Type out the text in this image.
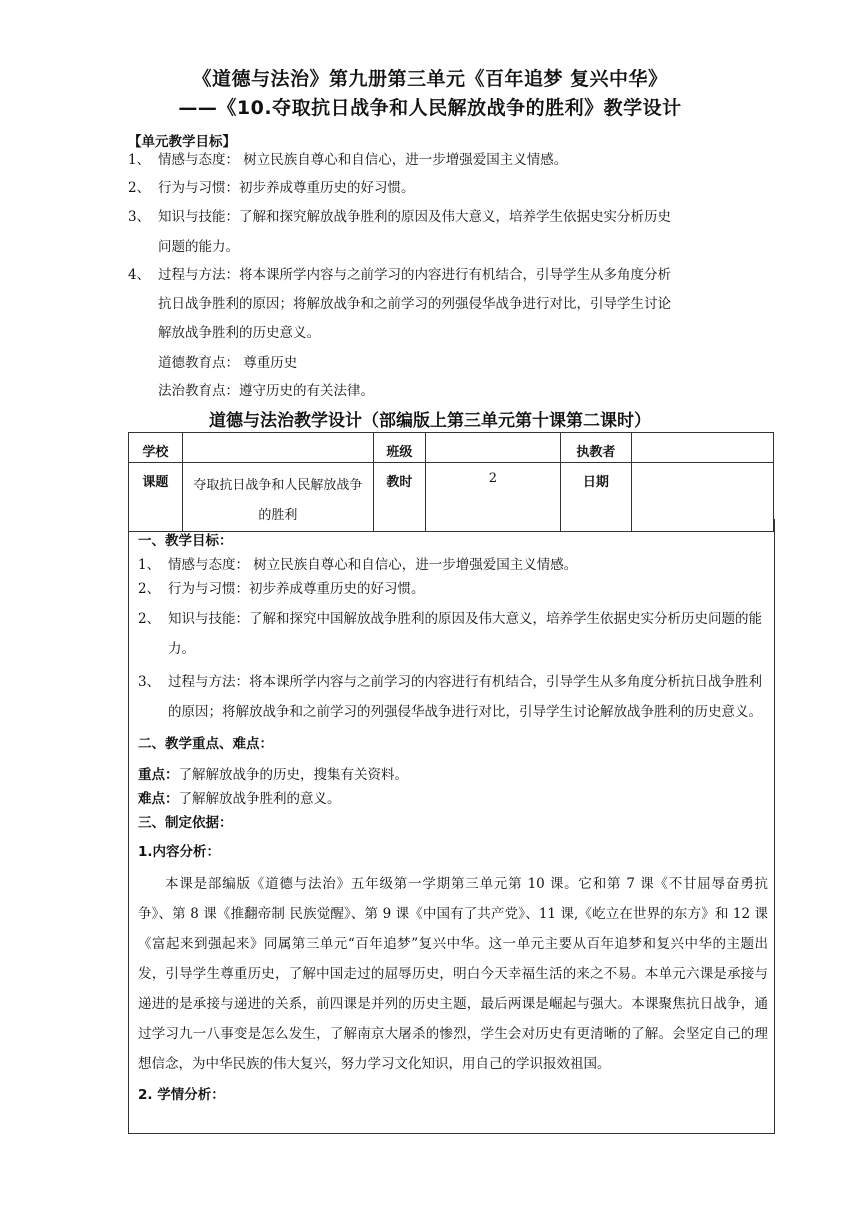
《道德与法治》第九册第三单元《百年追梦 复兴中华》
——《10.夺取抗日战争和人民解放战争的胜利》教学设计
【单元教学目标】
1、 情感与态度： 树立民族自尊心和自信心，进一步增强爱国主义情感。
2、 行为与习惯：初步养成尊重历史的好习惯。
3、 知识与技能：了解和探究解放战争胜利的原因及伟大意义，培养学生依据史实分析历史
问题的能力。
4、 过程与方法：将本课所学内容与之前学习的内容进行有机结合，引导学生从多角度分析
抗日战争胜利的原因；将解放战争和之前学习的列强侵华战争进行对比，引导学生讨论
解放战争胜利的历史意义。
道德教育点： 尊重历史
法治教育点：遵守历史的有关法律。
道德与法治教学设计（部编版上第三单元第十课第二课时）
学校		班级		执教者	
课题	夺取抗日战争和人民解放战争的胜利	教时	2	日期	
一、教学目标：
1、 情感与态度： 树立民族自尊心和自信心，进一步增强爱国主义情感。
2、 行为与习惯：初步养成尊重历史的好习惯。
2、 知识与技能：了解和探究中国解放战争胜利的原因及伟大意义，培养学生依据史实分析历史问题的能力。
3、 过程与方法：将本课所学内容与之前学习的内容进行有机结合，引导学生从多角度分析抗日战争胜利的原因；将解放战争和之前学习的列强侵华战争进行对比，引导学生讨论解放战争胜利的历史意义。
二、教学重点、难点：
重点：了解解放战争的历史，搜集有关资料。
难点：了解解放战争胜利的意义。
三、制定依据：
1.内容分析：
本课是部编版《道德与法治》五年级第一学期第三单元第 10 课。它和第 7 课《不甘屈辱奋勇抗争》、第 8 课《推翻帝制 民族觉醒》、第 9 课《中国有了共产党》、11 课,《屹立在世界的东方》和 12 课《富起来到强起来》同属第三单元“百年追梦”复兴中华。这一单元主要从百年追梦和复兴中华的主题出发，引导学生尊重历史，了解中国走过的屈辱历史，明白今天幸福生活的来之不易。本单元六课是承接与递进的是承接与递进的关系，前四课是并列的历史主题，最后两课是崛起与强大。本课聚焦抗日战争，通过学习九一八事变是怎么发生，了解南京大屠杀的惨烈，学生会对历史有更清晰的了解。会坚定自己的理想信念，为中华民族的伟大复兴，努力学习文化知识，用自己的学识报效祖国。
2. 学情分析：
